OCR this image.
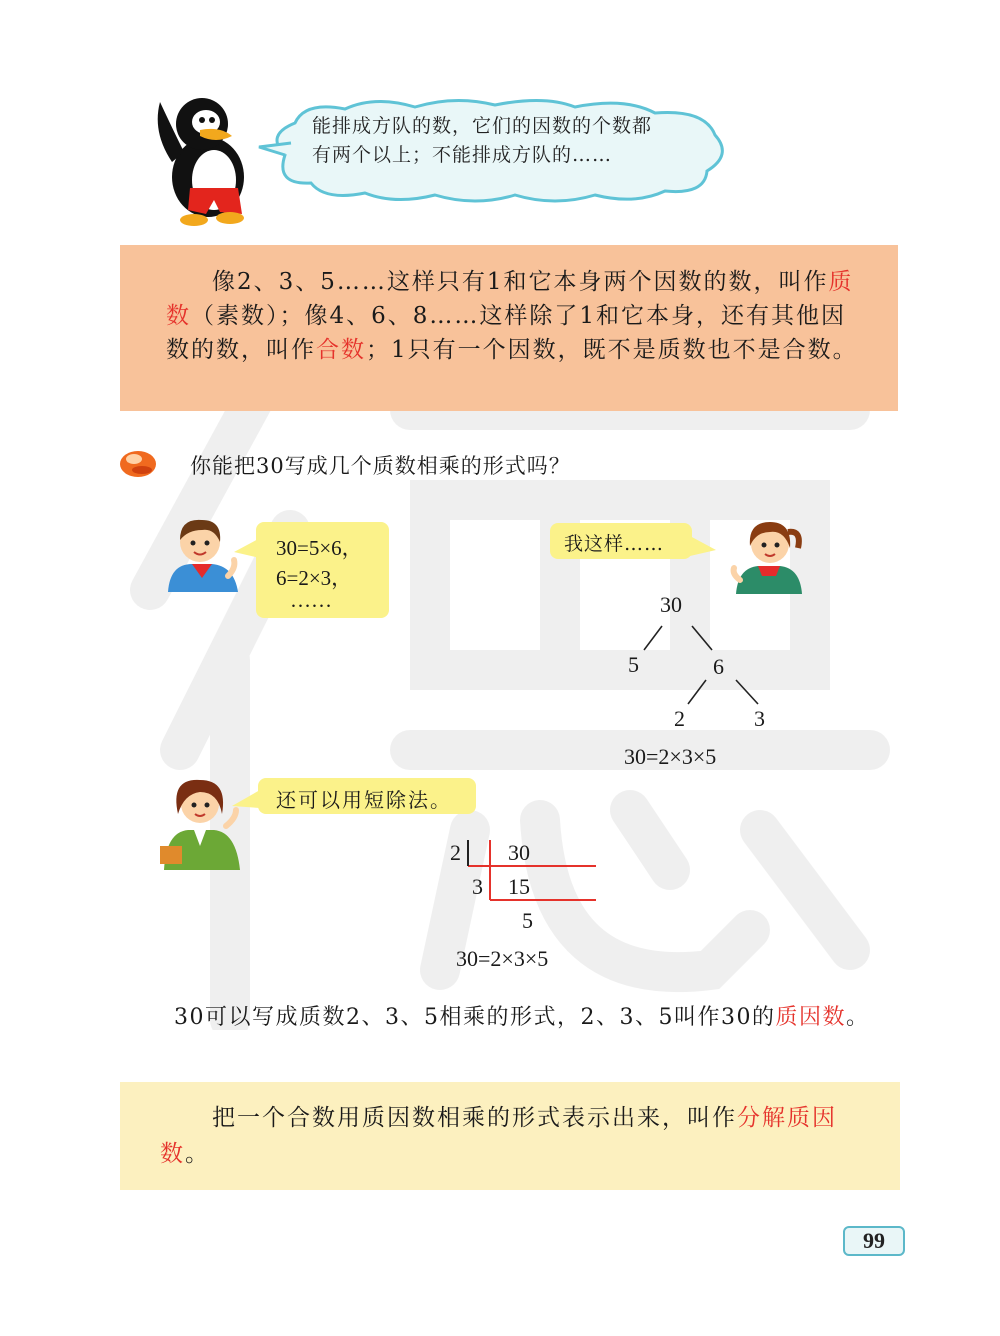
能排成方队的数，它们的因数的个数都
有两个以上；不能排成方队的……
像2、3、5……这样只有1和它本身两个因数的数，叫作质数（素数）；像4、6、8……这样除了1和它本身，还有其他因数的数，叫作合数；1只有一个因数，既不是质数也不是合数。
你能把30写成几个质数相乘的形式吗？
30=5×6，
6=2×3，
……
我这样……
30
5	6
2	3
30=2×3×5
还可以用短除法。
2 30
3 15
5
30=2×3×5
30可以写成质数2、3、5相乘的形式，2、3、5叫作30的质因数。
把一个合数用质因数相乘的形式表示出来，叫作分解质因数。
99
